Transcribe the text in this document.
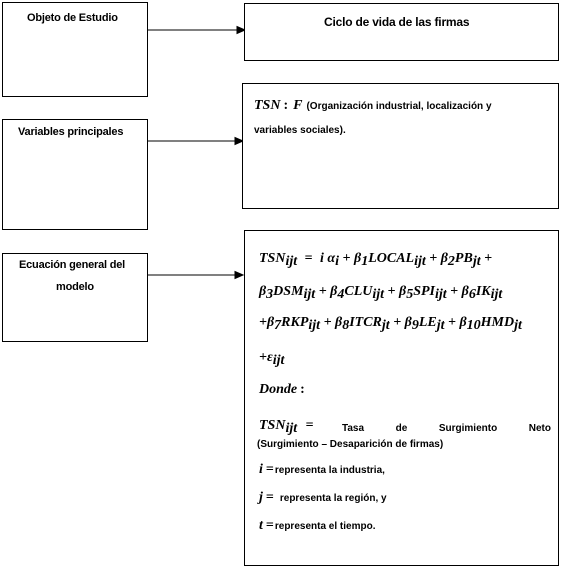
Objeto de Estudio
Variables principales
Ecuación general del
modelo
Ciclo de vida de las firmas
TSN : F (Organización industrial, localización y
variables sociales).
$TSN_{ijt} = i$ $\alpha_i$ + $\beta_1LOCAL_{ijt} + \beta_2PB_{jt}$ +
$\beta_3DSM_{ijt} + \beta_4CLU_{ijt} + \beta_5SPI_{ijt} + \beta_6IK_{ijt}$
$+\beta_7RKP_{ijt}$ + $\beta_8ITCR_{jt} + \beta_9LE_{jt} + \beta_{10}HMD_{jt}$
$+\varepsilon_{ijt}$
Donde :
$TSN_{ijt}$ =	Tasa	de	Surgimiento	Neto
(Surgimiento – Desaparición de firmas)
i =representa la industria,
j = representa la región, y
t =representa el tiempo.
